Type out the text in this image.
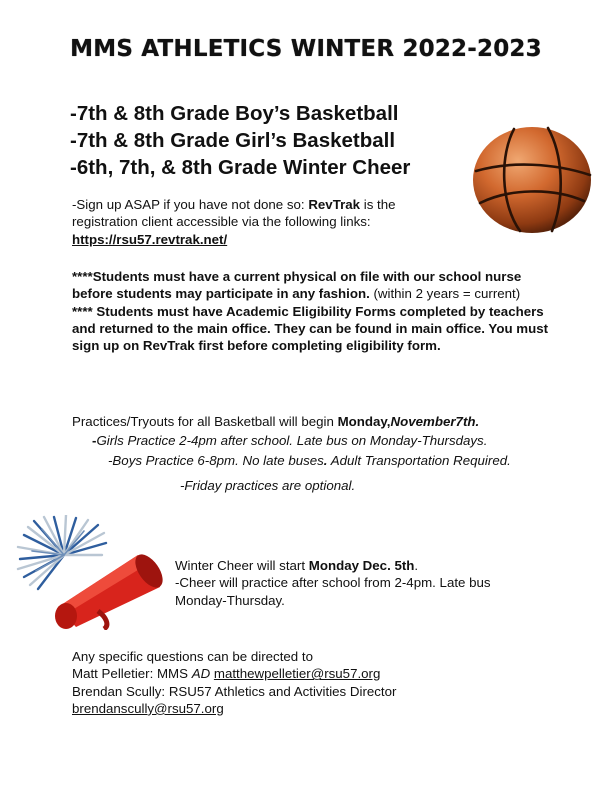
MMS ATHLETICS WINTER 2022-2023
-7th & 8th Grade Boy’s Basketball
-7th & 8th Grade Girl’s Basketball
-6th, 7th, & 8th Grade Winter Cheer
-Sign up ASAP if you have not done so: RevTrak is the
registration client accessible via the following links:
https://rsu57.revtrak.net/
****Students must have a current physical on file with our school nurse before students may participate in any fashion. (within 2 years = current)
**** Students must have Academic Eligibility Forms completed by teachers and returned to the main office. They can be found in main office. You must sign up on RevTrak first before completing eligibility form.
Practices/Tryouts for all Basketball will begin Monday,November7th.
-Girls Practice 2-4pm after school. Late bus on Monday-Thursdays.
-Boys Practice 6-8pm. No late buses. Adult Transportation Required.
-Friday practices are optional.
Winter Cheer will start Monday Dec. 5th.
-Cheer will practice after school from 2-4pm. Late bus Monday-Thursday.
Any specific questions can be directed to
Matt Pelletier: MMS AD matthewpelletier@rsu57.org
Brendan Scully: RSU57 Athletics and Activities Director
brendanscully@rsu57.org
